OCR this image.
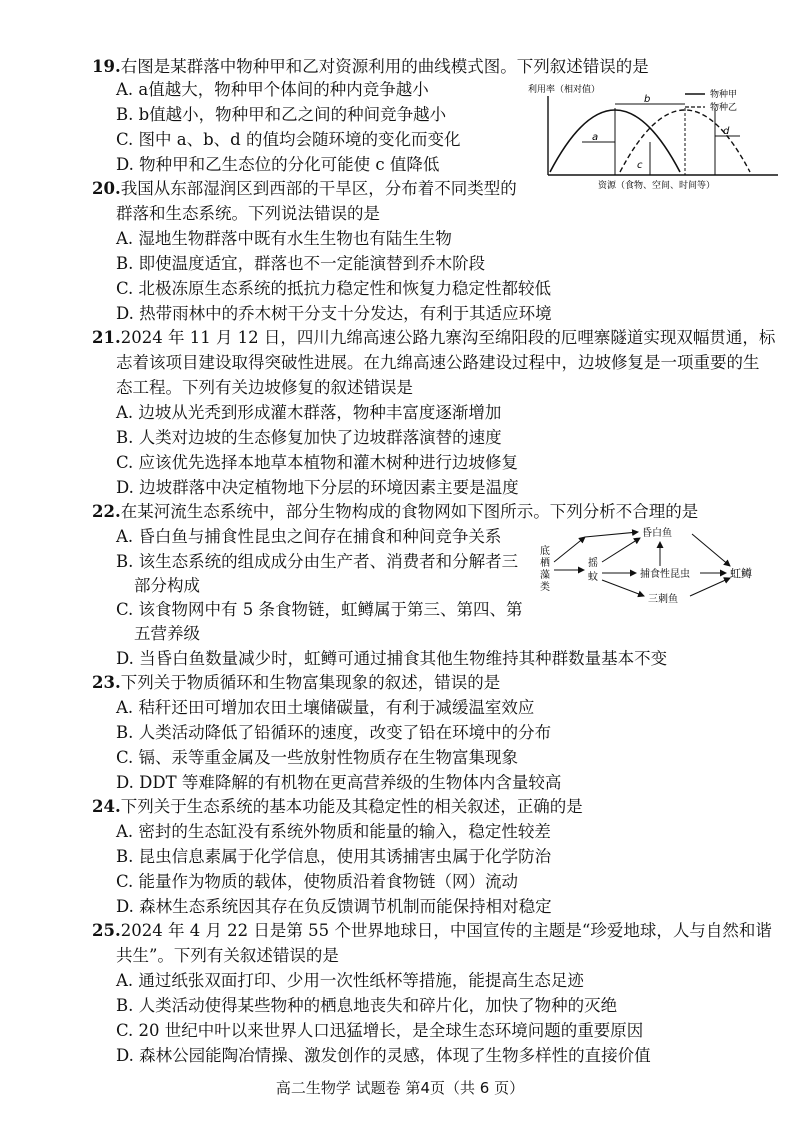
19.右图是某群落中物种甲和乙对资源利用的曲线模式图。下列叙述错误的是
A. a值越大，物种甲个体间的种内竞争越小
B. b值越小，物种甲和乙之间的种间竞争越小
C. 图中 a、b、d 的值均会随环境的变化而变化
D. 物种甲和乙生态位的分化可能使 c 值降低
利用率（相对值）
b
a
c
d
物种甲
物种乙
资源（食物、空间、时间等）
20.我国从东部湿润区到西部的干旱区，分布着不同类型的
群落和生态系统。下列说法错误的是
A. 湿地生物群落中既有水生生物也有陆生生物
B. 即使温度适宜，群落也不一定能演替到乔木阶段
C. 北极冻原生态系统的抵抗力稳定性和恢复力稳定性都较低
D. 热带雨林中的乔木树干分支十分发达，有利于其适应环境
21.2024 年 11 月 12 日，四川九绵高速公路九寨沟至绵阳段的厄哩寨隧道实现双幅贯通，标
志着该项目建设取得突破性进展。在九绵高速公路建设过程中，边坡修复是一项重要的生
态工程。下列有关边坡修复的叙述错误是
A. 边坡从光秃到形成灌木群落，物种丰富度逐渐增加
B. 人类对边坡的生态修复加快了边坡群落演替的速度
C. 应该优先选择本地草本植物和灌木树种进行边坡修复
D. 边坡群落中决定植物地下分层的环境因素主要是温度
22.在某河流生态系统中，部分生物构成的食物网如下图所示。下列分析不合理的是
A. 昏白鱼与捕食性昆虫之间存在捕食和种间竞争关系
B. 该生态系统的组成成分由生产者、消费者和分解者三
部分构成
C. 该食物网中有 5 条食物链，虹鳟属于第三、第四、第
五营养级
D. 当昏白鱼数量减少时，虹鳟可通过捕食其他生物维持其种群数量基本不变
底
栖
藻
类
摇
蚊
昏白鱼
捕食性昆虫
三刺鱼
虹鳟
23.下列关于物质循环和生物富集现象的叙述，错误的是
A. 秸秆还田可增加农田土壤储碳量，有利于减缓温室效应
B. 人类活动降低了铅循环的速度，改变了铅在环境中的分布
C. 镉、汞等重金属及一些放射性物质存在生物富集现象
D. DDT 等难降解的有机物在更高营养级的生物体内含量较高
24.下列关于生态系统的基本功能及其稳定性的相关叙述，正确的是
A. 密封的生态缸没有系统外物质和能量的输入，稳定性较差
B. 昆虫信息素属于化学信息，使用其诱捕害虫属于化学防治
C. 能量作为物质的载体，使物质沿着食物链（网）流动
D. 森林生态系统因其存在负反馈调节机制而能保持相对稳定
25.2024 年 4 月 22 日是第 55 个世界地球日，中国宣传的主题是“珍爱地球，人与自然和谐
共生”。下列有关叙述错误的是
A. 通过纸张双面打印、少用一次性纸杯等措施，能提高生态足迹
B. 人类活动使得某些物种的栖息地丧失和碎片化，加快了物种的灭绝
C. 20 世纪中叶以来世界人口迅猛增长，是全球生态环境问题的重要原因
D. 森林公园能陶冶情操、激发创作的灵感，体现了生物多样性的直接价值
高二生物学 试题卷 第4页（共 6 页）
